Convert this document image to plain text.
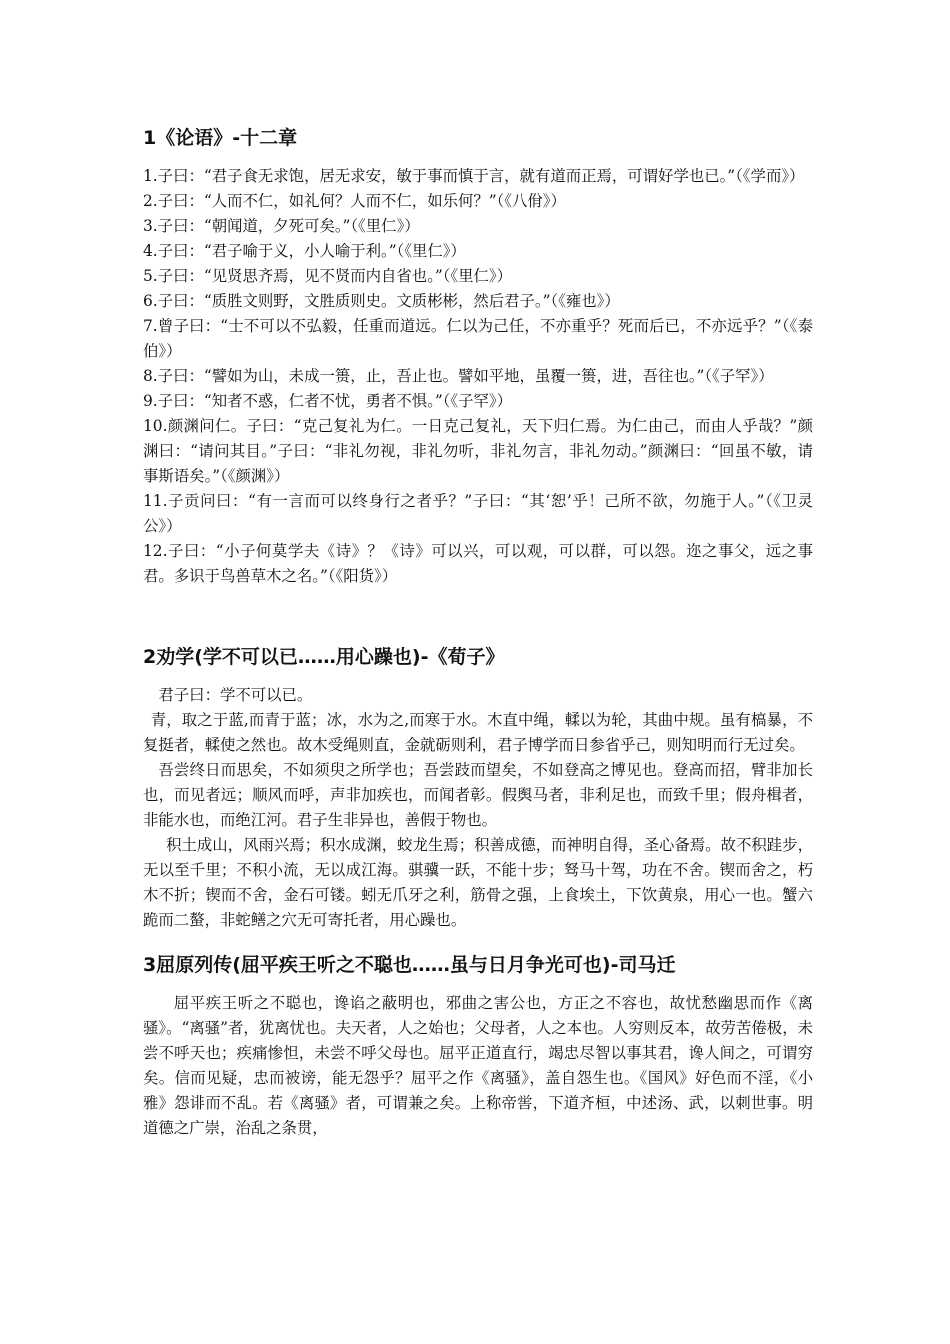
1《论语》-十二章

1.子曰：“君子食无求饱，居无求安，敏于事而慎于言，就有道而正焉，可谓好学也已。”（《学而》）

2.子曰：“人而不仁，如礼何？人而不仁，如乐何？”（《八佾》）

3.子曰：“朝闻道，夕死可矣。”（《里仁》）

4.子曰：“君子喻于义，小人喻于利。”（《里仁》）

5.子曰：“见贤思齐焉，见不贤而内自省也。”（《里仁》）

6.子曰：“质胜文则野，文胜质则史。文质彬彬，然后君子。”（《雍也》）

7.曾子曰：“士不可以不弘毅，任重而道远。仁以为己任，不亦重乎？死而后已，不亦远乎？”（《泰伯》）

8.子曰：“譬如为山，未成一篑，止，吾止也。譬如平地，虽覆一篑，进，吾往也。”（《子罕》）

9.子曰：“知者不惑，仁者不忧，勇者不惧。”（《子罕》）

10.颜渊问仁。子曰：“克己复礼为仁。一日克己复礼，天下归仁焉。为仁由己，而由人乎哉？”颜渊曰：“请问其目。”子曰：“非礼勿视，非礼勿听，非礼勿言，非礼勿动。”颜渊曰：“回虽不敏，请事斯语矣。”（《颜渊》）

11.子贡问曰：“有一言而可以终身行之者乎？”子曰：“其‘恕’乎！己所不欲，勿施于人。”（《卫灵公》）

12.子曰：“小子何莫学夫《诗》？《诗》可以兴，可以观，可以群，可以怨。迩之事父，远之事君。多识于鸟兽草木之名。”（《阳货》）

2劝学(学不可以已……用心躁也)-《荀子》

君子曰：学不可以已。

青，取之于蓝,而青于蓝；冰，水为之,而寒于水。木直中绳，輮以为轮，其曲中规。虽有槁暴，不复挺者，輮使之然也。故木受绳则直，金就砺则利，君子博学而日参省乎己，则知明而行无过矣。

吾尝终日而思矣，不如须臾之所学也；吾尝跂而望矣，不如登高之博见也。登高而招，臂非加长也，而见者远；顺风而呼，声非加疾也，而闻者彰。假舆马者，非利足也，而致千里；假舟楫者，非能水也，而绝江河。君子生非异也，善假于物也。

积土成山，风雨兴焉；积水成渊，蛟龙生焉；积善成德，而神明自得，圣心备焉。故不积跬步，无以至千里；不积小流，无以成江海。骐骥一跃，不能十步；驽马十驾，功在不舍。锲而舍之，朽木不折；锲而不舍，金石可镂。蚓无爪牙之利，筋骨之强，上食埃土，下饮黄泉，用心一也。蟹六跪而二螯，非蛇鳝之穴无可寄托者，用心躁也。

3屈原列传(屈平疾王听之不聪也……虽与日月争光可也)-司马迁

屈平疾王听之不聪也，谗谄之蔽明也，邪曲之害公也，方正之不容也，故忧愁幽思而作《离骚》。“离骚”者，犹离忧也。夫天者，人之始也；父母者，人之本也。人穷则反本，故劳苦倦极，未尝不呼天也；疾痛惨怛，未尝不呼父母也。屈平正道直行，竭忠尽智以事其君，谗人间之，可谓穷矣。信而见疑，忠而被谤，能无怨乎？屈平之作《离骚》，盖自怨生也。《国风》好色而不淫，《小雅》怨诽而不乱。若《离骚》者，可谓兼之矣。上称帝喾，下道齐桓，中述汤、武，以刺世事。明道德之广崇，治乱之条贯，
